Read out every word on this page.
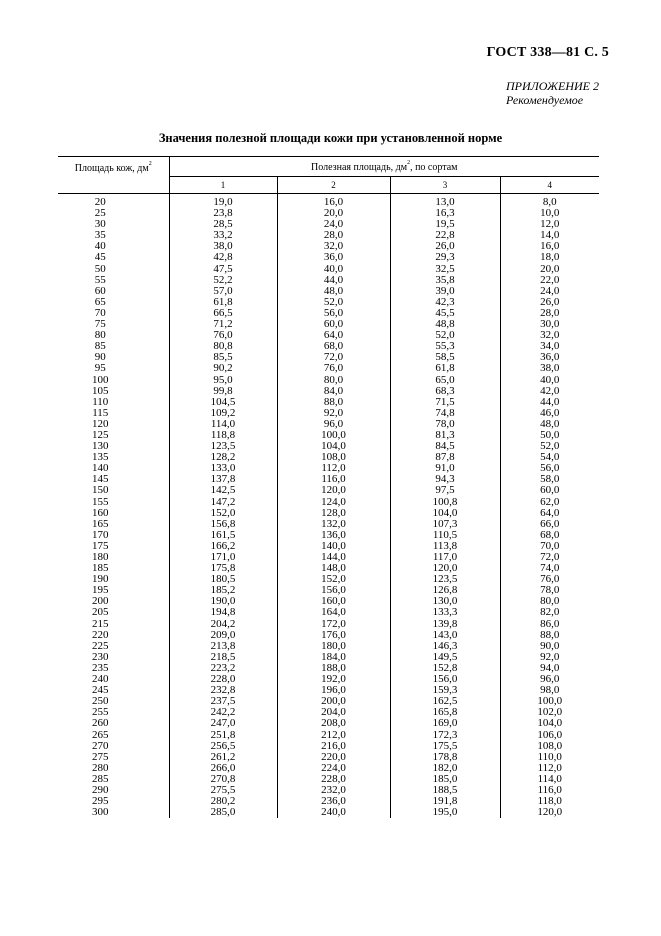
ГОСТ 338—81 С. 5
ПРИЛОЖЕНИЕ 2
Рекомендуемое
Значения полезной площади кожи при установленной норме
Площадь кож, $дм^2$	Полезная площадь, $дм^2$, по сортам			
	1	2	3	4
20	19,0	16,0	13,0	8,0
25	23,8	20,0	16,3	10,0
30	28,5	24,0	19,5	12,0
35	33,2	28,0	22,8	14,0
40	38,0	32,0	26,0	16,0
45	42,8	36,0	29,3	18,0
50	47,5	40,0	32,5	20,0
55	52,2	44,0	35,8	22,0
60	57,0	48,0	39,0	24,0
65	61,8	52,0	42,3	26,0
70	66,5	56,0	45,5	28,0
75	71,2	60,0	48,8	30,0
80	76,0	64,0	52,0	32,0
85	80,8	68,0	55,3	34,0
90	85,5	72,0	58,5	36,0
95	90,2	76,0	61,8	38,0
100	95,0	80,0	65,0	40,0
105	99,8	84,0	68,3	42,0
110	104,5	88,0	71,5	44,0
115	109,2	92,0	74,8	46,0
120	114,0	96,0	78,0	48,0
125	118,8	100,0	81,3	50,0
130	123,5	104,0	84,5	52,0
135	128,2	108,0	87,8	54,0
140	133,0	112,0	91,0	56,0
145	137,8	116,0	94,3	58,0
150	142,5	120,0	97,5	60,0
155	147,2	124,0	100,8	62,0
160	152,0	128,0	104,0	64,0
165	156,8	132,0	107,3	66,0
170	161,5	136,0	110,5	68,0
175	166,2	140,0	113,8	70,0
180	171,0	144,0	117,0	72,0
185	175,8	148,0	120,0	74,0
190	180,5	152,0	123,5	76,0
195	185,2	156,0	126,8	78,0
200	190,0	160,0	130,0	80,0
205	194,8	164,0	133,3	82,0
215	204,2	172,0	139,8	86,0
220	209,0	176,0	143,0	88,0
225	213,8	180,0	146,3	90,0
230	218,5	184,0	149,5	92,0
235	223,2	188,0	152,8	94,0
240	228,0	192,0	156,0	96,0
245	232,8	196,0	159,3	98,0
250	237,5	200,0	162,5	100,0
255	242,2	204,0	165,8	102,0
260	247,0	208,0	169,0	104,0
265	251,8	212,0	172,3	106,0
270	256,5	216,0	175,5	108,0
275	261,2	220,0	178,8	110,0
280	266,0	224,0	182,0	112,0
285	270,8	228,0	185,0	114,0
290	275,5	232,0	188,5	116,0
295	280,2	236,0	191,8	118,0
300	285,0	240,0	195,0	120,0
